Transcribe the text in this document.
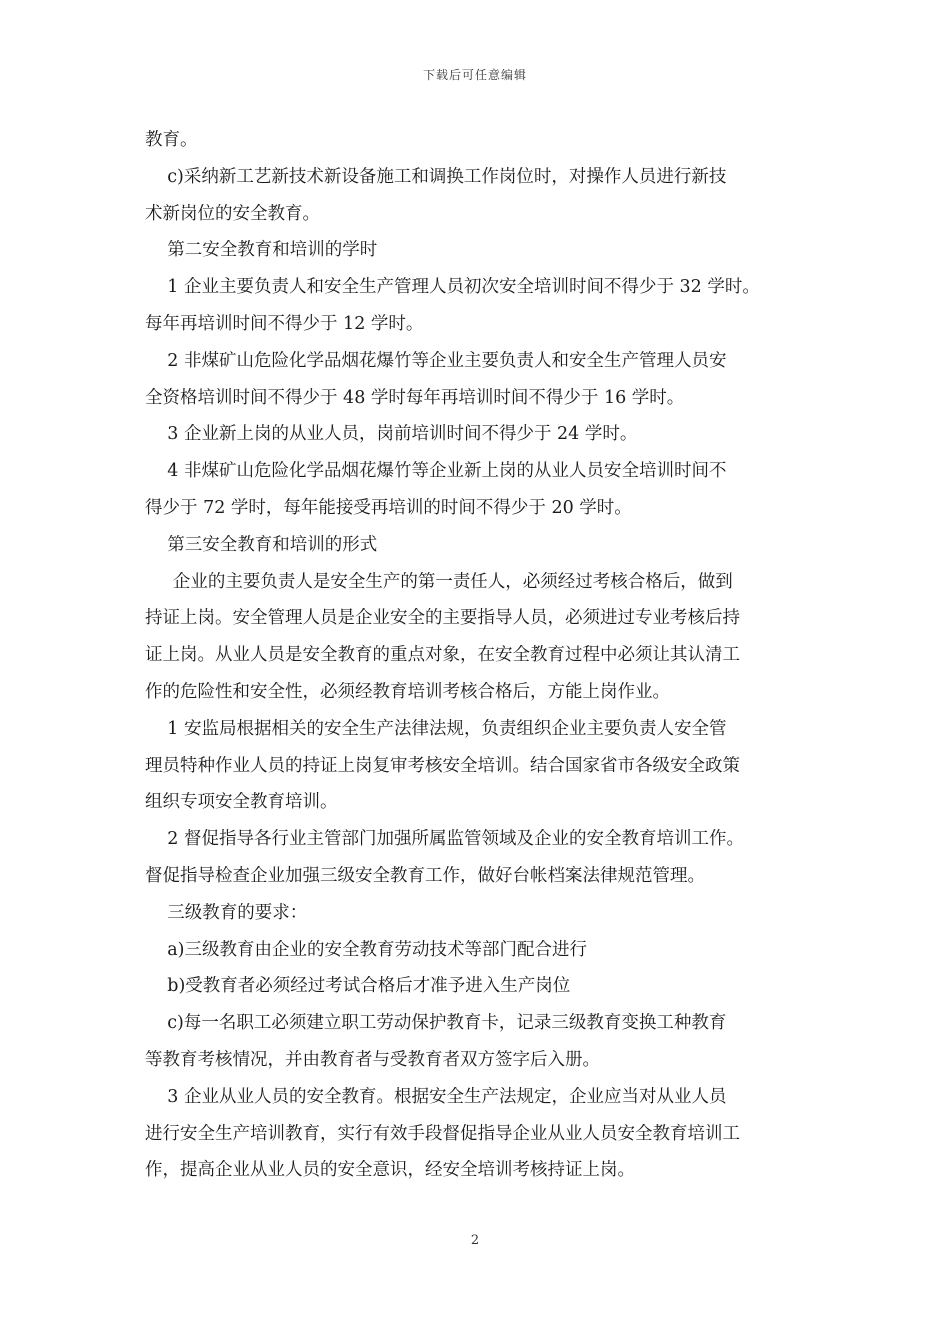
下载后可任意编辑

教育。

c)采纳新工艺新技术新设备施工和调换工作岗位时，对操作人员进行新技

术新岗位的安全教育。

第二安全教育和培训的学时

1 企业主要负责人和安全生产管理人员初次安全培训时间不得少于 32 学时。

每年再培训时间不得少于 12 学时。

2 非煤矿山危险化学品烟花爆竹等企业主要负责人和安全生产管理人员安

全资格培训时间不得少于 48 学时每年再培训时间不得少于 16 学时。

3 企业新上岗的从业人员，岗前培训时间不得少于 24 学时。

4 非煤矿山危险化学品烟花爆竹等企业新上岗的从业人员安全培训时间不

得少于 72 学时，每年能接受再培训的时间不得少于 20 学时。

第三安全教育和培训的形式

企业的主要负责人是安全生产的第一责任人，必须经过考核合格后，做到

持证上岗。安全管理人员是企业安全的主要指导人员，必须进过专业考核后持

证上岗。从业人员是安全教育的重点对象，在安全教育过程中必须让其认清工

作的危险性和安全性，必须经教育培训考核合格后，方能上岗作业。

1 安监局根据相关的安全生产法律法规，负责组织企业主要负责人安全管

理员特种作业人员的持证上岗复审考核安全培训。结合国家省市各级安全政策

组织专项安全教育培训。

2 督促指导各行业主管部门加强所属监管领域及企业的安全教育培训工作。

督促指导检查企业加强三级安全教育工作，做好台帐档案法律规范管理。

三级教育的要求：

a)三级教育由企业的安全教育劳动技术等部门配合进行

b)受教育者必须经过考试合格后才准予进入生产岗位

c)每一名职工必须建立职工劳动保护教育卡，记录三级教育变换工种教育

等教育考核情况，并由教育者与受教育者双方签字后入册。

3 企业从业人员的安全教育。根据安全生产法规定，企业应当对从业人员

进行安全生产培训教育，实行有效手段督促指导企业从业人员安全教育培训工

作，提高企业从业人员的安全意识，经安全培训考核持证上岗。

2
